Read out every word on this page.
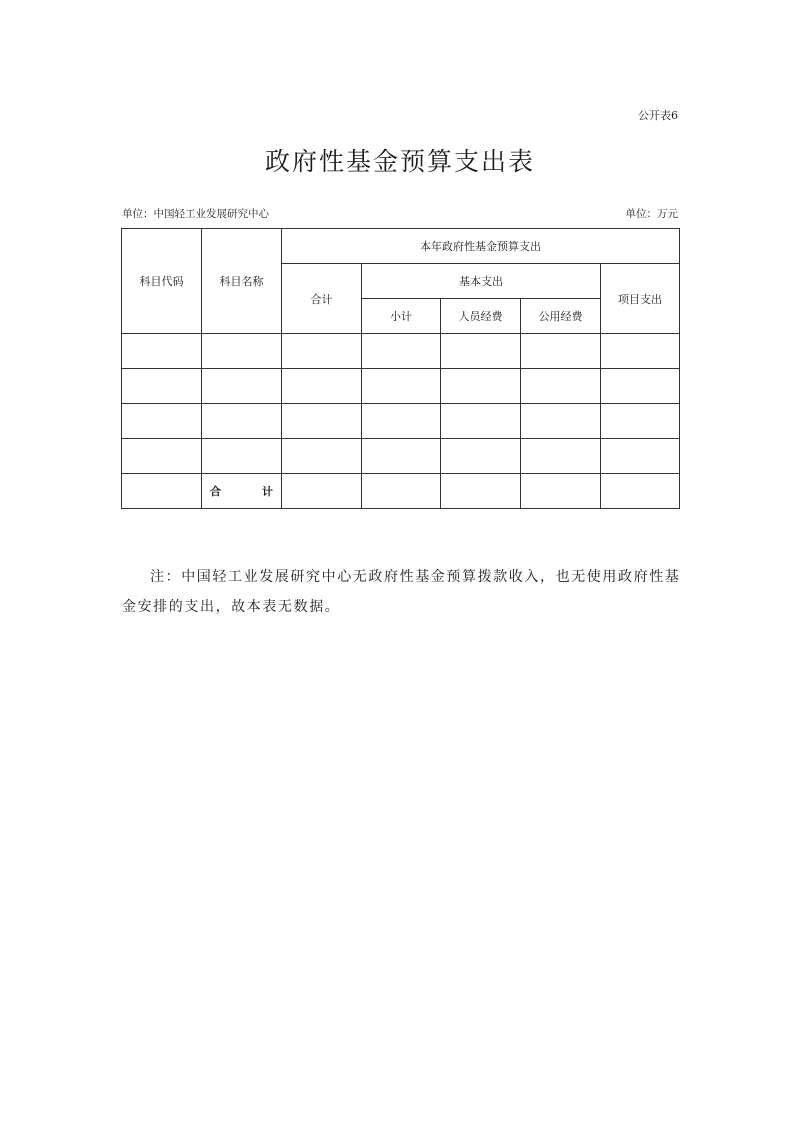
公开表6
政府性基金预算支出表
单位：中国轻工业发展研究中心	单位：万元
科目代码	科目名称	本年政府性基金预算支出				
		合计	基本支出			项目支出
			小计	人员经费	公用经费	

	合 计					

注：中国轻工业发展研究中心无政府性基金预算拨款收入，也无使用政府性基金安排的支出，故本表无数据。
